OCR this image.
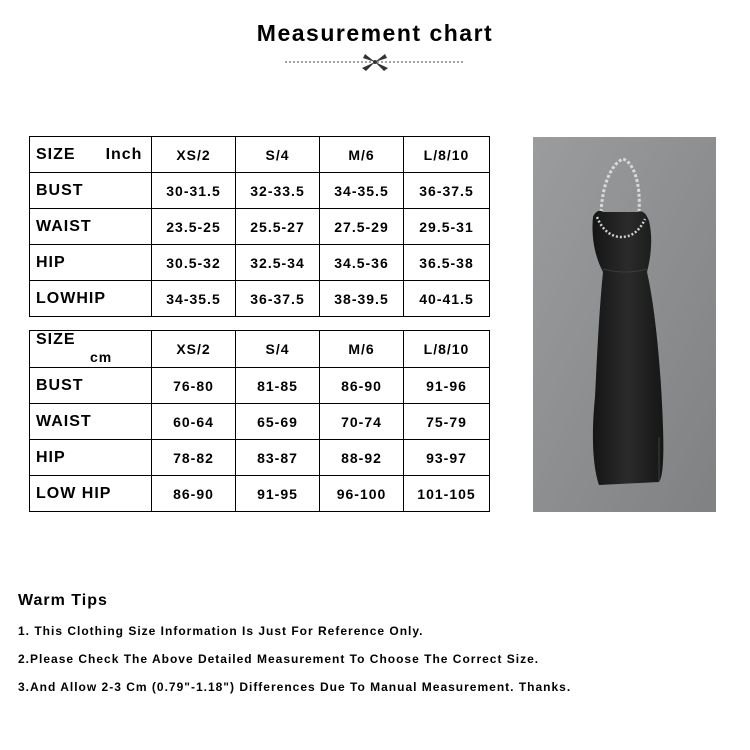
Measurement chart
SIZE Inch	XS/2	S/4	M/6	L/8/10
BUST	30-31.5	32-33.5	34-35.5	36-37.5
WAIST	23.5-25	25.5-27	27.5-29	29.5-31
HIP	30.5-32	32.5-34	34.5-36	36.5-38
LOWHIP	34-35.5	36-37.5	38-39.5	40-41.5
SIZEcm	XS/2	S/4	M/6	L/8/10
BUST	76-80	81-85	86-90	91-96
WAIST	60-64	65-69	70-74	75-79
HIP	78-82	83-87	88-92	93-97
LOW HIP	86-90	91-95	96-100	101-105
Warm Tips
1. This Clothing Size Information Is Just For Reference Only.
2.Please Check The Above Detailed Measurement To Choose The Correct Size.
3.And Allow 2-3 Cm (0.79"-1.18") Differences Due To Manual Measurement. Thanks.
